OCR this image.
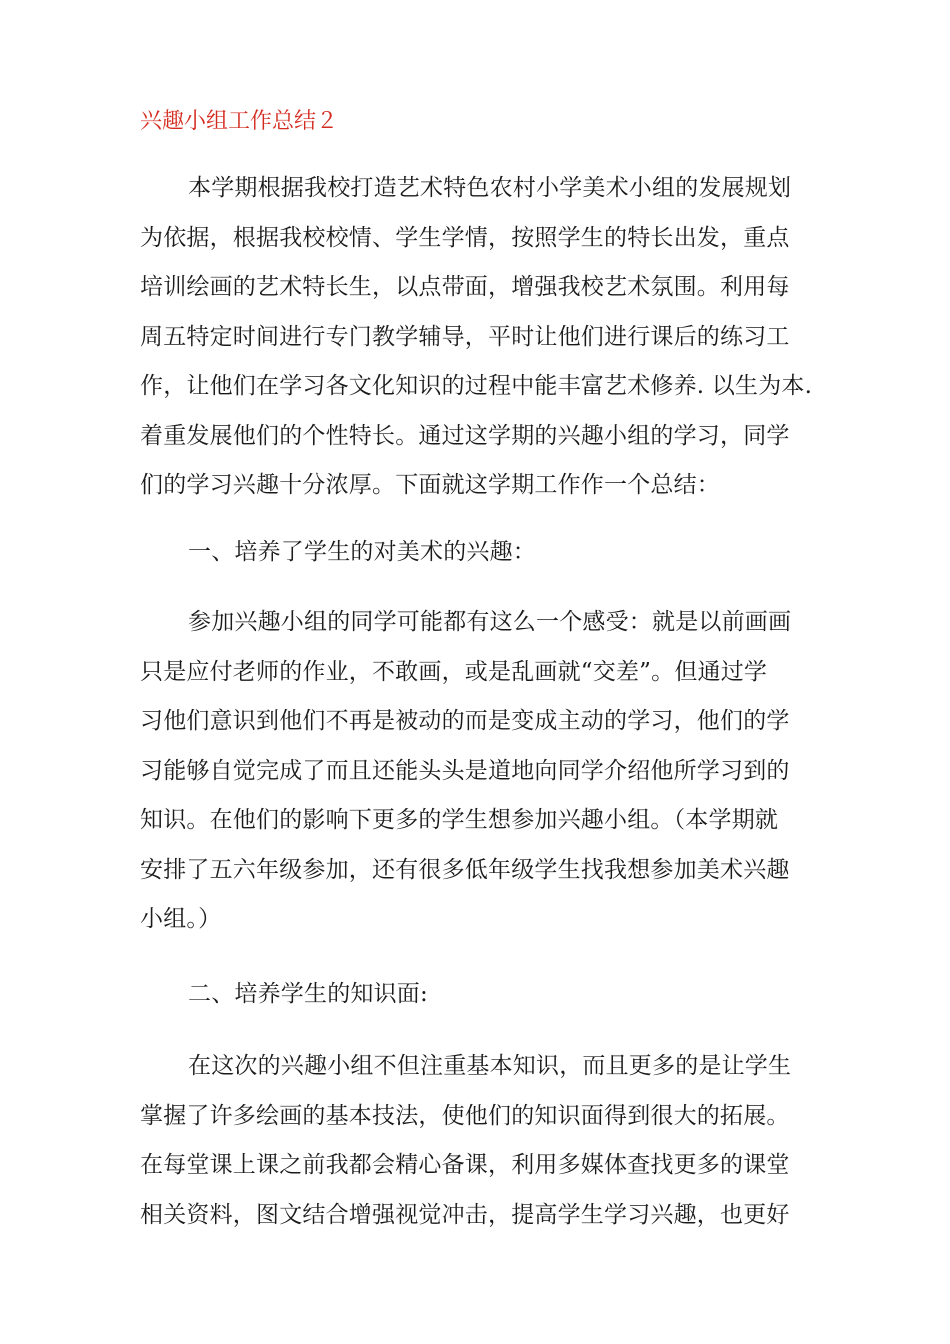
兴趣小组工作总结２
本学期根据我校打造艺术特色农村小学美术小组的发展规划
为依据，根据我校校情、学生学情，按照学生的特长出发，重点
培训绘画的艺术特长生，以点带面，增强我校艺术氛围。利用每
周五特定时间进行专门教学辅导，平时让他们进行课后的练习工
作，让他们在学习各文化知识的过程中能丰富艺术修养. 以生为本.
着重发展他们的个性特长。通过这学期的兴趣小组的学习，同学
们的学习兴趣十分浓厚。下面就这学期工作作一个总结：
一、培养了学生的对美术的兴趣：
参加兴趣小组的同学可能都有这么一个感受：就是以前画画
只是应付老师的作业，不敢画，或是乱画就“交差”。但通过学
习他们意识到他们不再是被动的而是变成主动的学习，他们的学
习能够自觉完成了而且还能头头是道地向同学介绍他所学习到的
知识。在他们的影响下更多的学生想参加兴趣小组。（本学期就
安排了五六年级参加，还有很多低年级学生找我想参加美术兴趣
小组。）
二、培养学生的知识面:
在这次的兴趣小组不但注重基本知识，而且更多的是让学生
掌握了许多绘画的基本技法，使他们的知识面得到很大的拓展。
在每堂课上课之前我都会精心备课，利用多媒体查找更多的课堂
相关资料，图文结合增强视觉冲击，提高学生学习兴趣，也更好
